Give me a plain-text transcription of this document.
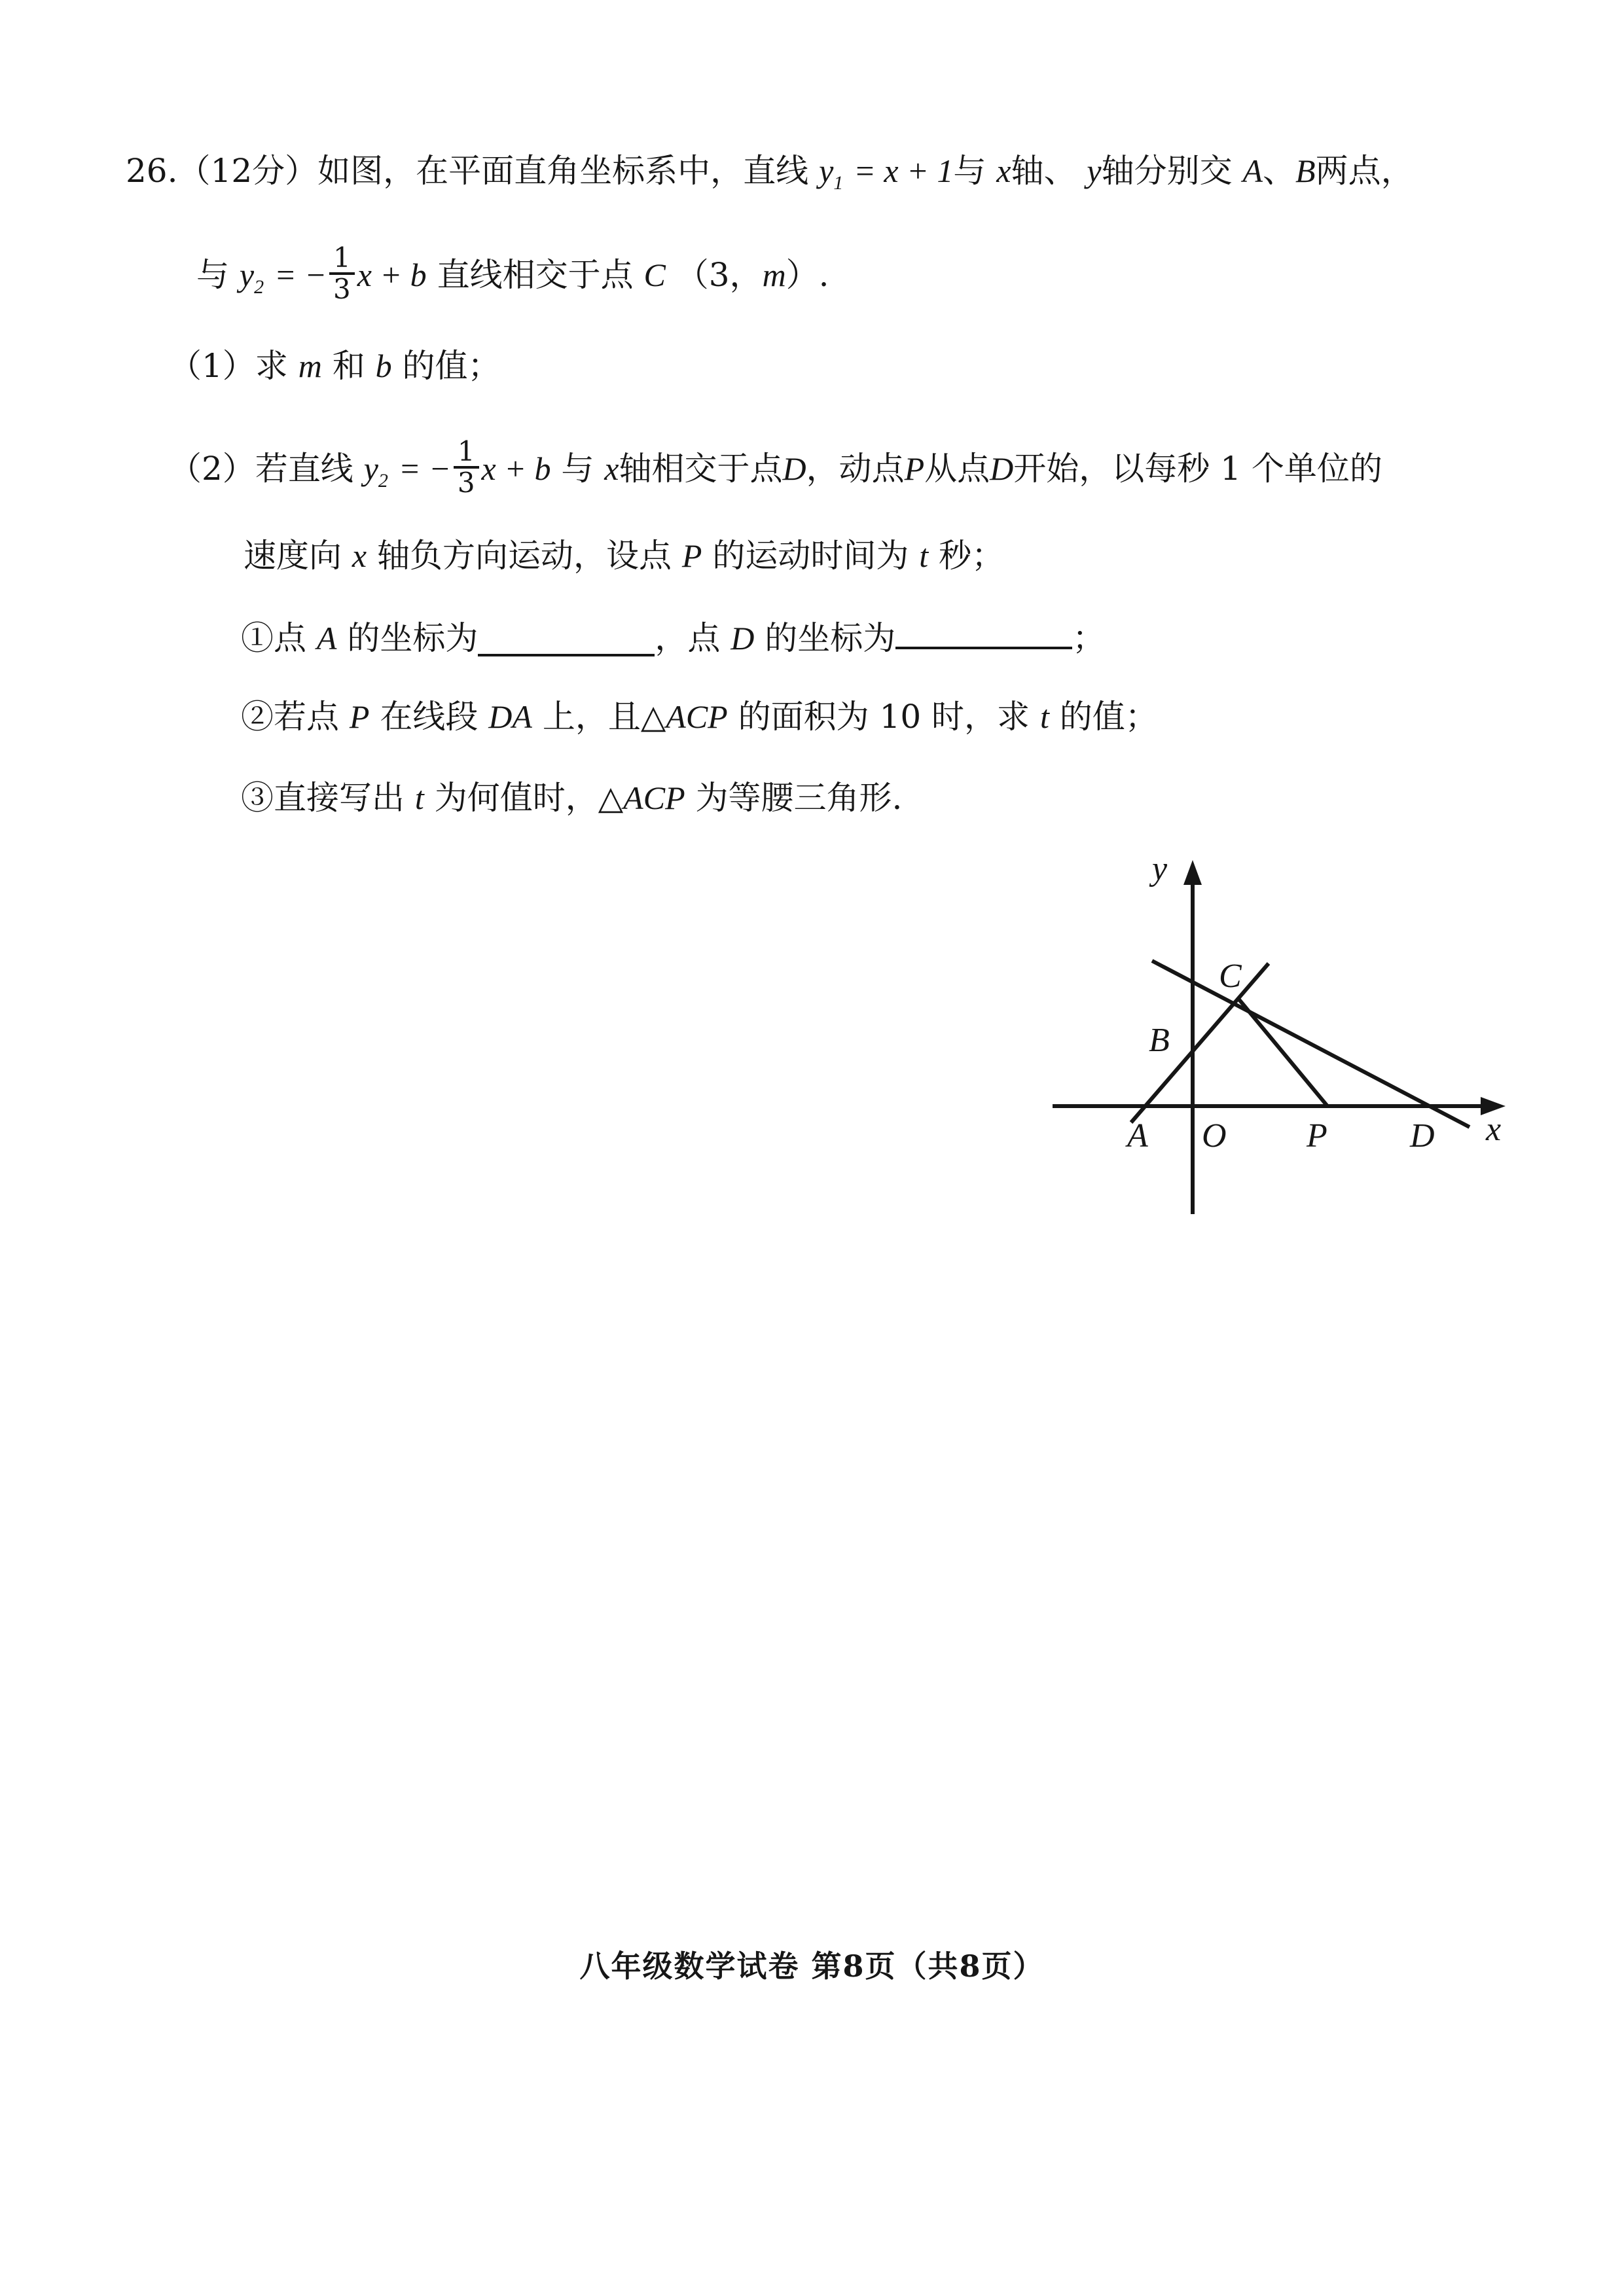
26.（12分）如图，在平面直角坐标系中，直线 $y_1 = x + 1$与 x轴、 y轴分别交 A、B两点，
与 $y_2$ = − $\frac{1}{3}$ x + b 直线相交于点 C （3，m）.
（1）求 m 和 b 的值；
（2）若直线 $y_2$ = − $\frac{1}{3}$ x + b 与 x轴相交于点D，动点P从点D开始，以每秒 1 个单位的
速度向 x 轴负方向运动，设点 P 的运动时间为 t 秒；
①点 A 的坐标为	_	，点 D 的坐标为	；
②若点 P 在线段 DA 上，且△ACP 的面积为 10 时，求 t 的值；
③直接写出 t 为何值时，△ACP 为等腰三角形.
y
C
B
A O P D x
八年级数学试卷 第8页（共8页）
